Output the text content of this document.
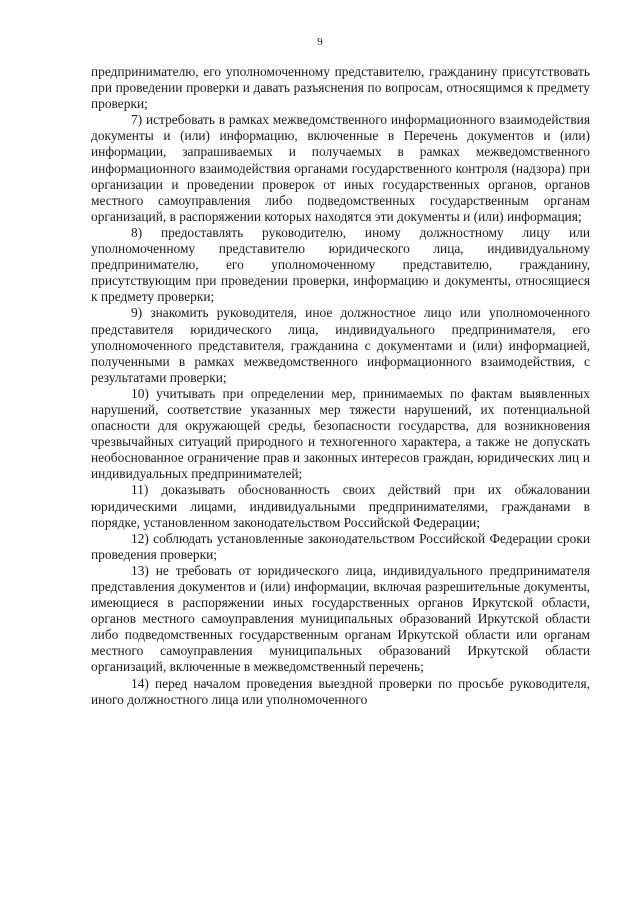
9

предпринимателю, его уполномоченному представителю, гражданину присутствовать при проведении проверки и давать разъяснения по вопросам, относящимся к предмету проверки;

7) истребовать в рамках межведомственного информационного взаимодействия документы и (или) информацию, включенные в Перечень документов и (или) информации, запрашиваемых и получаемых в рамках межведомственного информационного взаимодействия органами государственного контроля (надзора) при организации и проведении проверок от иных государственных органов, органов местного самоуправления либо подведомственных государственным органам организаций, в распоряжении которых находятся эти документы и (или) информация;

8) предоставлять руководителю, иному должностному лицу или уполномоченному представителю юридического лица, индивидуальному предпринимателю, его уполномоченному представителю, гражданину, присутствующим при проведении проверки, информацию и документы, относящиеся к предмету проверки;

9) знакомить руководителя, иное должностное лицо или уполномоченного представителя юридического лица, индивидуального предпринимателя, его уполномоченного представителя, гражданина с документами и (или) информацией, полученными в рамках межведомственного информационного взаимодействия, с результатами проверки;

10) учитывать при определении мер, принимаемых по фактам выявленных нарушений, соответствие указанных мер тяжести нарушений, их потенциальной опасности для окружающей среды, безопасности государства, для возникновения чрезвычайных ситуаций природного и техногенного характера, а также не допускать необоснованное ограничение прав и законных интересов граждан, юридических лиц и индивидуальных предпринимателей;

11) доказывать обоснованность своих действий при их обжаловании юридическими лицами, индивидуальными предпринимателями, гражданами в порядке, установленном законодательством Российской Федерации;

12) соблюдать установленные законодательством Российской Федерации сроки проведения проверки;

13) не требовать от юридического лица, индивидуального предпринимателя представления документов и (или) информации, включая разрешительные документы, имеющиеся в распоряжении иных государственных органов Иркутской области, органов местного самоуправления муниципальных образований Иркутской области либо подведомственных государственным органам Иркутской области или органам местного самоуправления муниципальных образований Иркутской области организаций, включенные в межведомственный перечень;

14) перед началом проведения выездной проверки по просьбе руководителя, иного должностного лица или уполномоченного
